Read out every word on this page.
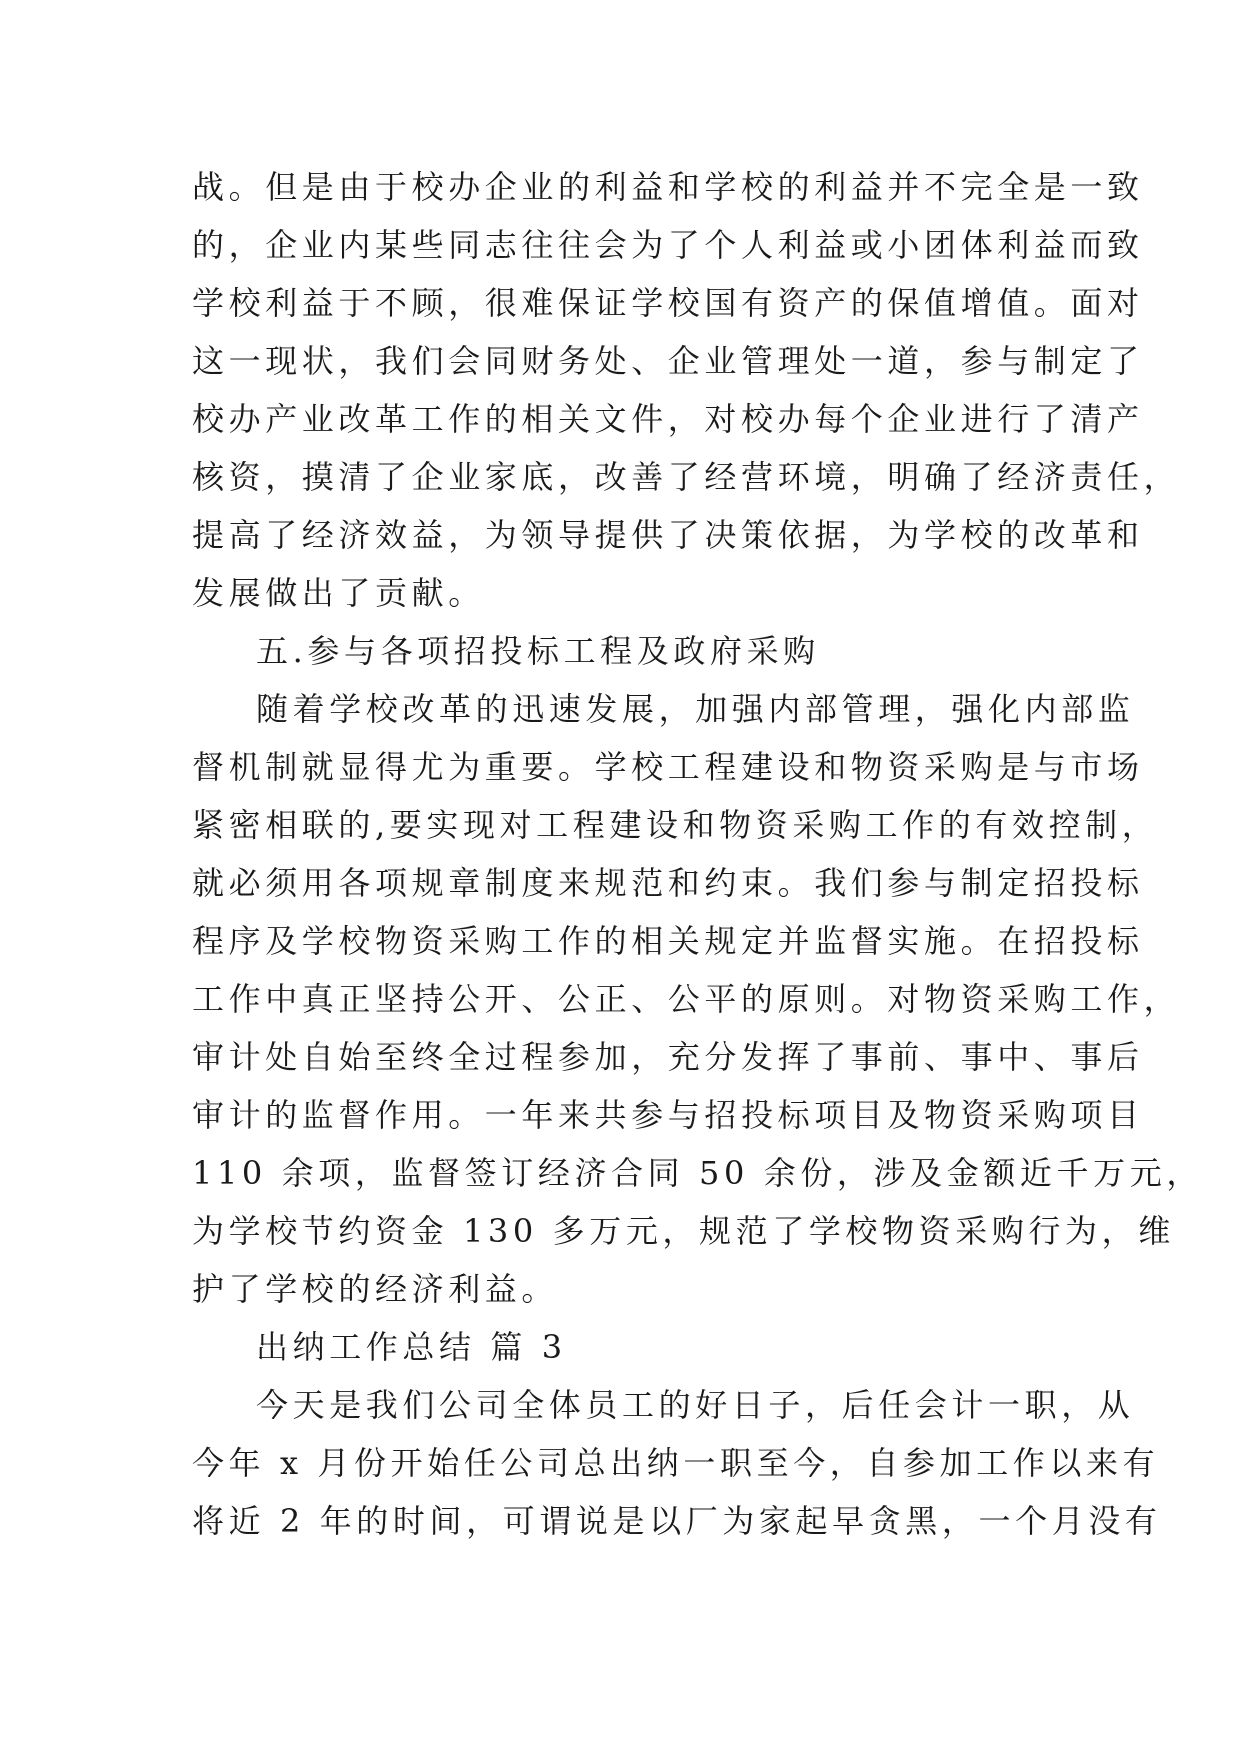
战。但是由于校办企业的利益和学校的利益并不完全是一致
的，企业内某些同志往往会为了个人利益或小团体利益而致
学校利益于不顾，很难保证学校国有资产的保值增值。面对
这一现状，我们会同财务处、企业管理处一道，参与制定了
校办产业改革工作的相关文件，对校办每个企业进行了清产
核资，摸清了企业家底，改善了经营环境，明确了经济责任，
提高了经济效益，为领导提供了决策依据，为学校的改革和
发展做出了贡献。
五.参与各项招投标工程及政府采购
随着学校改革的迅速发展，加强内部管理，强化内部监
督机制就显得尤为重要。学校工程建设和物资采购是与市场
紧密相联的,要实现对工程建设和物资采购工作的有效控制，
就必须用各项规章制度来规范和约束。我们参与制定招投标
程序及学校物资采购工作的相关规定并监督实施。在招投标
工作中真正坚持公开、公正、公平的原则。对物资采购工作，
审计处自始至终全过程参加，充分发挥了事前、事中、事后
审计的监督作用。一年来共参与招投标项目及物资采购项目
110 余项，监督签订经济合同 50 余份，涉及金额近千万元，
为学校节约资金 130 多万元，规范了学校物资采购行为，维
护了学校的经济利益。
出纳工作总结 篇 3
今天是我们公司全体员工的好日子，后任会计一职，从
今年 x 月份开始任公司总出纳一职至今，自参加工作以来有
将近 2 年的时间，可谓说是以厂为家起早贪黑，一个月没有
